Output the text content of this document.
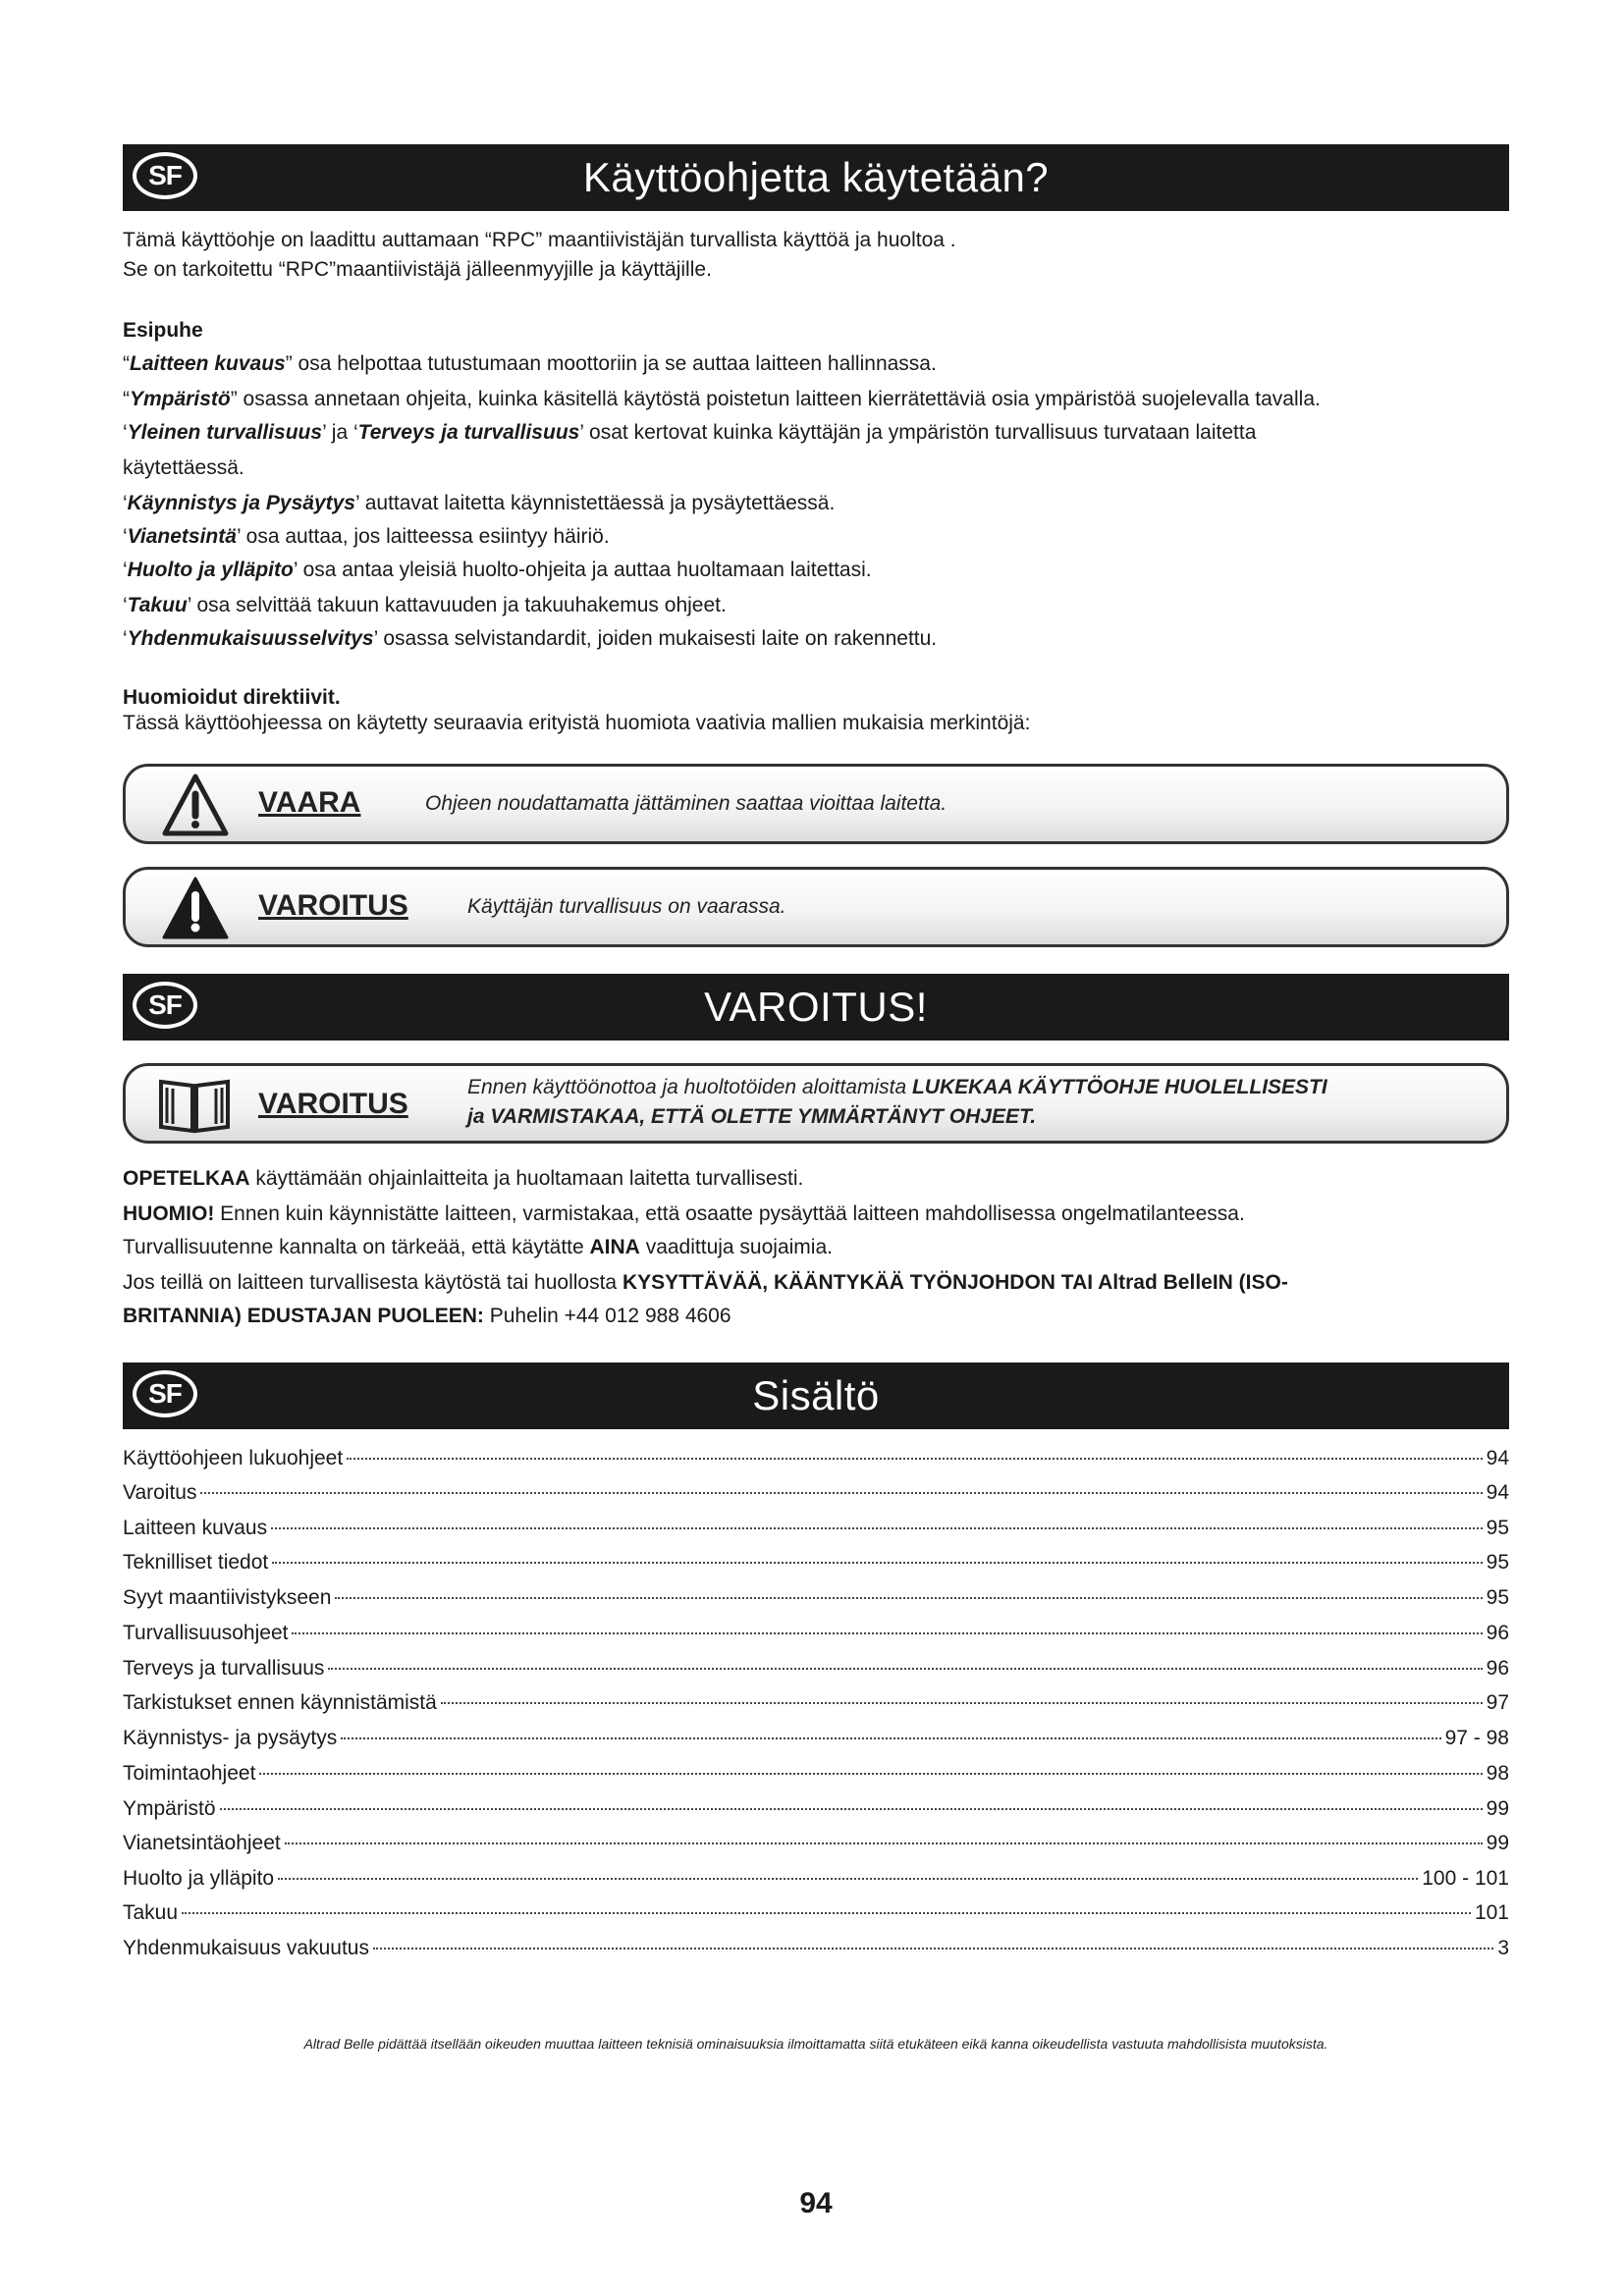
SF	Käyttöohjetta käytetään?
Tämä käyttöohje on laadittu auttamaan “RPC” maantiivistäjän turvallista käyttöä ja huoltoa .
Se on tarkoitettu “RPC”maantiivistäjä jälleenmyyjille ja käyttäjille.
Esipuhe
“Laitteen kuvaus” osa helpottaa tutustumaan moottoriin ja se auttaa laitteen hallinnassa.
“Ympäristö” osassa annetaan ohjeita, kuinka käsitellä käytöstä poistetun laitteen kierrätettäviä osia ympäristöä suojelevalla tavalla.
‘Yleinen turvallisuus’ ja ‘Terveys ja turvallisuus’ osat kertovat kuinka käyttäjän ja ympäristön turvallisuus turvataan laitetta
käytettäessä.
‘Käynnistys ja Pysäytys’ auttavat laitetta käynnistettäessä ja pysäytettäessä.
‘Vianetsintä’ osa auttaa, jos laitteessa esiintyy häiriö.
‘Huolto ja ylläpito’ osa antaa yleisiä huolto-ohjeita ja auttaa huoltamaan laitettasi.
‘Takuu’ osa selvittää takuun kattavuuden ja takuuhakemus ohjeet.
‘Yhdenmukaisuusselvitys’ osassa selvistandardit, joiden mukaisesti laite on rakennettu.
Huomioidut direktiivit.
Tässä käyttöohjeessa on käytetty seuraavia erityistä huomiota vaativia mallien mukaisia merkintöjä:
VAARA	Ohjeen noudattamatta jättäminen saattaa vioittaa laitetta.
VAROITUS	Käyttäjän turvallisuus on vaarassa.
SF	VAROITUS!
VAROITUS
Ennen käyttöönottoa ja huoltotöiden aloittamista LUKEKAA KÄYTTÖOHJE HUOLELLISESTI
ja VARMISTAKAA, ETTÄ OLETTE YMMÄRTÄNYT OHJEET.
OPETELKAA käyttämään ohjainlaitteita ja huoltamaan laitetta turvallisesti.
HUOMIO! Ennen kuin käynnistätte laitteen, varmistakaa, että osaatte pysäyttää laitteen mahdollisessa ongelmatilanteessa.
Turvallisuutenne kannalta on tärkeää, että käytätte AINA vaadittuja suojaimia.
Jos teillä on laitteen turvallisesta käytöstä tai huollosta KYSYTTÄVÄÄ, KÄÄNTYKÄÄ TYÖNJOHDON TAI Altrad BelleIN (ISO-
BRITANNIA) EDUSTAJAN PUOLEEN: Puhelin +44 012 988 4606
SF	Sisältö
Käyttöohjeen lukuohjeet	94
Varoitus	94
Laitteen kuvaus	95
Teknilliset tiedot	95
Syyt maantiivistykseen	95
Turvallisuusohjeet	96
Terveys ja turvallisuus	96
Tarkistukset ennen käynnistämistä	97
Käynnistys- ja pysäytys	97 - 98
Toimintaohjeet	98
Ympäristö	99
Vianetsintäohjeet	99
Huolto ja ylläpito	100 - 101
Takuu	101
Yhdenmukaisuus vakuutus	3
Altrad Belle pidättää itsellään oikeuden muuttaa laitteen teknisiä ominaisuuksia ilmoittamatta siitä etukäteen eikä kanna oikeudellista vastuuta mahdollisista muutoksista.
94
